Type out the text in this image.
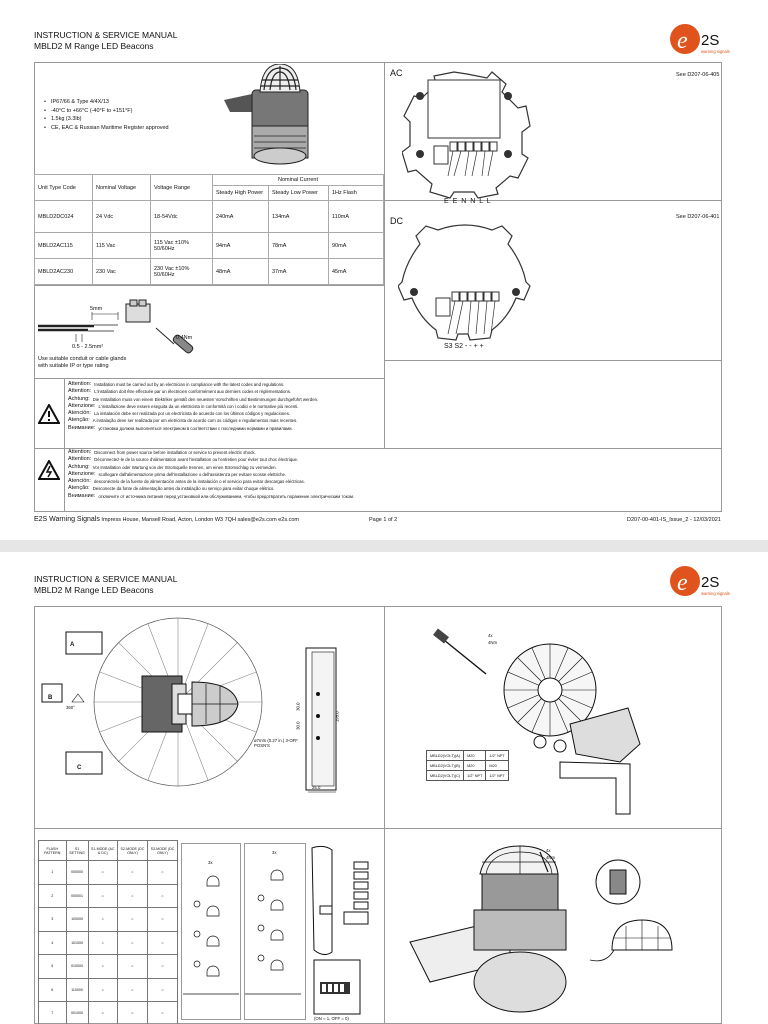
INSTRUCTION & SERVICE MANUAL
MBLD2 M Range LED Beacons	e 2S
warning signals
• IP67/66 & Type 4/4X/13
• -40°C to +66°C (-40°F to +151°F)
• 1.5kg (3.3lb)
• CE, EAC & Russian Maritime Register approved
Unit Type Code	Nominal Voltage	Voltage Range	Nominal Current		
			Steady High Power	Steady Low Power	1Hz Flash
MBLD2DC024	24 Vdc	18-54Vdc	240mA	134mA	110mA
MBLD2AC115	115 Vac	115 Vac ±10% 50/60Hz	94mA	78mA	90mA
MBLD2AC230	230 Vac	230 Vac ±10% 50/60Hz	48mA	37mA	45mA
5mm
0.5 - 2.5mm²
0.4Nm
Use suitable conduit or cable glands
with suitable IP or type rating
AC	See D207-06-405
E E N N L L
DC	See D207-06-401
S3 S2 - - + +
Attention: Installation must be carried out by an electrician in compliance with the latest codes and regulations.
Attention: L'installation doit être effectuée par un électricien conformément aux derniers codes et réglementations.
Achtung: Die Installation muss von einem Elektriker gemäß den neuesten Vorschriften und Bestimmungen durchgeführt werden.
Attenzione: L'installazione deve essere eseguita da un elettricista in conformità con i codici e le normative più recenti.
Atención: La instalación debe ser realizada por un electricista de acuerdo con los últimos códigos y regulaciones.
Atenção: A instalação deve ser realizada por um eletricista de acordo com os códigos e regulamentos mais recentes.
Внимание: установка должна выполняться электриком в соответствии с последними нормами и правилами.
Attention: Disconnect from power source before installation or service to prevent electric shock.
Attention: Déconnectez-le de la source d'alimentation avant l'installation ou l'entretien pour éviter tout choc électrique.
Achtung: Vor Installation oder Wartung von der Stromquelle trennen, um einen Stromschlag zu vermeiden.
Attenzione: scollegare dall'alimentazione prima dell'installazione o dell'assistenza per evitare scosse elettriche.
Atención: desconéctelo de la fuente de alimentación antes de la instalación o el servicio para evitar descargas eléctricas.
Atenção: Desconecte da fonte de alimentação antes da instalação ou serviço para evitar choque elétrico.
Внимание: отключите от источника питания перед установкой или обслуживанием, чтобы предотвратить поражение электрическим током.
E2S Warning Signals Impress House, Mansell Road, Acton, London W3 7QH sales@e2s.com e2s.com	Page 1 of 2	D207-00-401-IS_Issue_2 - 12/03/2021
INSTRUCTION & SERVICE MANUAL
MBLD2 M Range LED Beacons	e 2S
warning signals
A
B
C
360°
ø7mm (0.27 in.) 3-OFF POSN'S
30.0
30.0
195.0
25.0
4x
4Nm
MBLD2(VOLT)(A)	M20	1/2" NPT
MBLD2(VOLT)(B)	M20	M20
MBLD2(VOLT)(C)	1/2" NPT	1/2" NPT
FLASH PATTERN	S1 SETTING	S1-MODE (AC & DC)	S2-MODE (DC ONLY)	S3-MODE (DC ONLY)
1	000000	☼	☼	☼
2	000001	☼	☼	☼
3	100000	☼	☼	☼
4	101000	☼	☼	☼
5	010000	☼	☼	☼
6	110000	☼	☼	☼
7	001000	☼	☼	☼
3x
3x
(ON = 1, OFF = 0)
4x
4Nm
